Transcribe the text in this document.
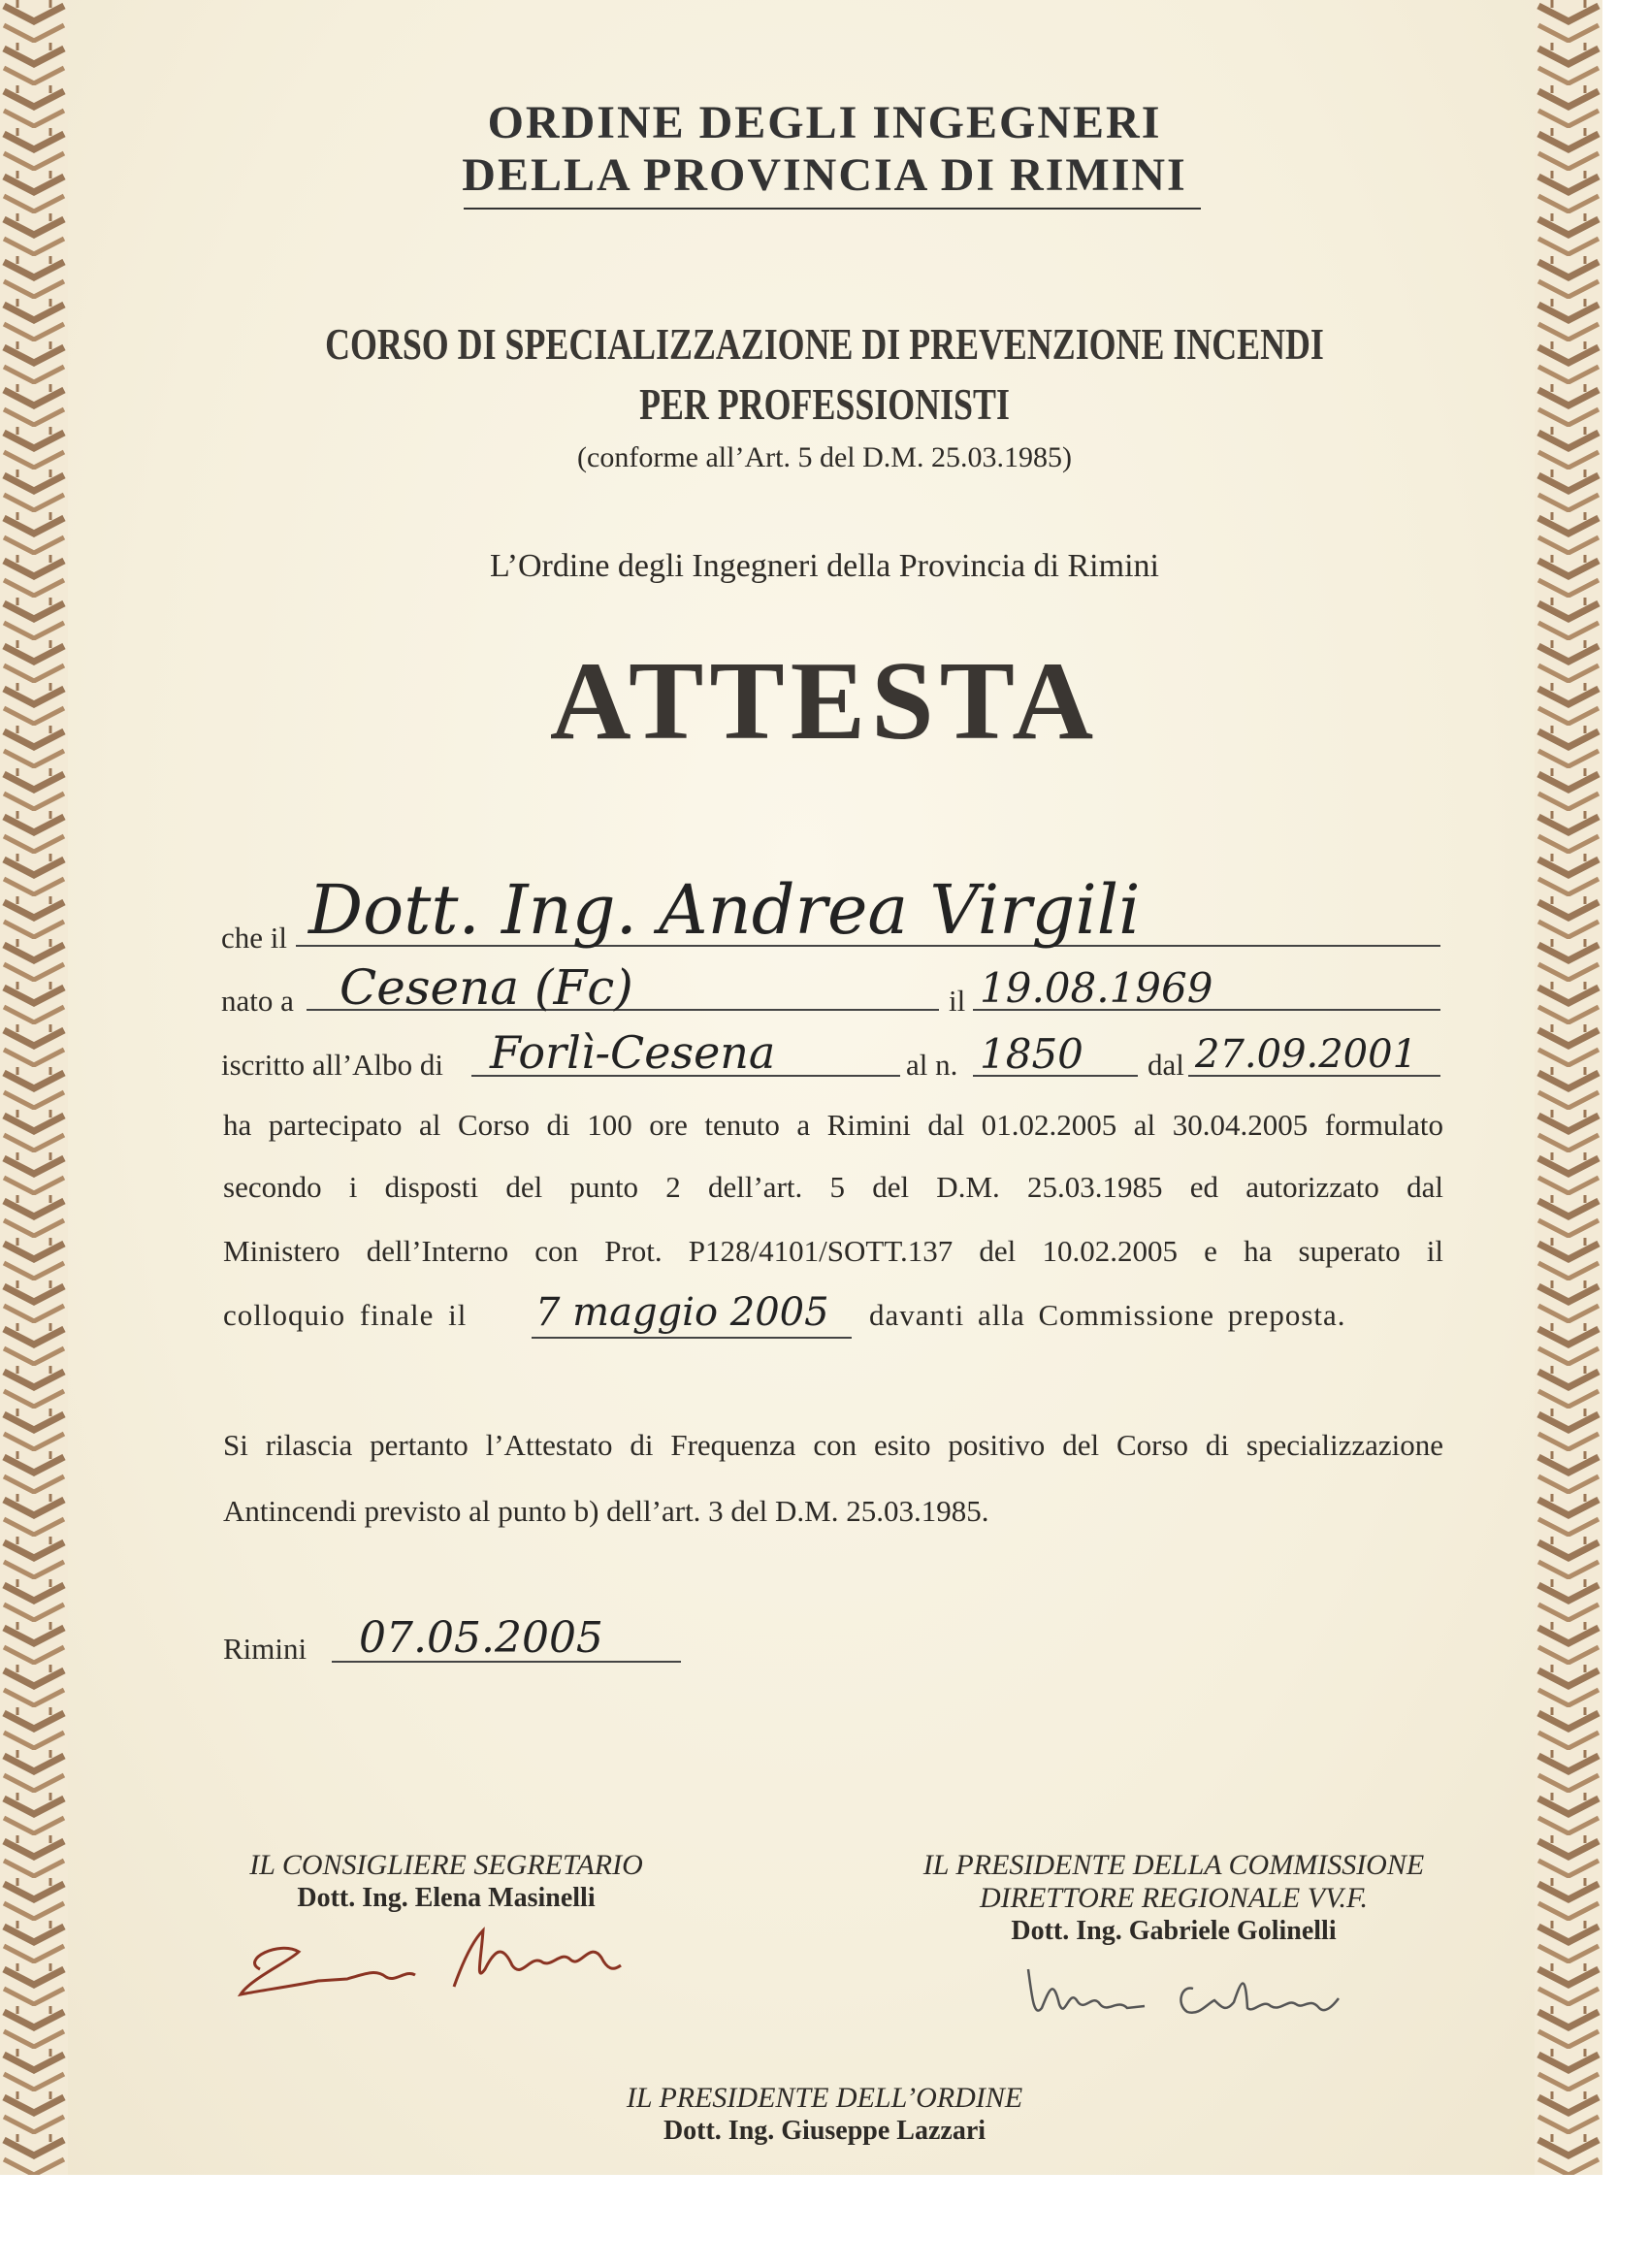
ORDINE DEGLI INGEGNERI
DELLA PROVINCIA DI RIMINI
CORSO DI SPECIALIZZAZIONE DI PREVENZIONE INCENDI
PER PROFESSIONISTI
(conforme all’Art. 5 del D.M. 25.03.1985)
L’Ordine degli Ingegneri della Provincia di Rimini
ATTESTA
che il Dott. Ing. Andrea Virgili
nato a Cesena (Fc)	il 19.08.1969
iscritto all’Albo di Forlì-Cesena	al n. 1850 dal 27.09.2001
ha partecipato al Corso di 100 ore tenuto a Rimini dal 01.02.2005 al 30.04.2005 formulato
secondo i disposti del punto 2 dell’art. 5 del D.M. 25.03.1985 ed autorizzato dal
Ministero dell’Interno con Prot. P128/4101/SOTT.137 del 10.02.2005 e ha superato il
colloquio finale il 7 maggio 2005 davanti alla Commissione preposta.
Si rilascia pertanto l’Attestato di Frequenza con esito positivo del Corso di specializzazione
Antincendi previsto al punto b) dell’art. 3 del D.M. 25.03.1985.
Rimini 07.05.2005
IL CONSIGLIERE SEGRETARIO
Dott. Ing. Elena Masinelli
IL PRESIDENTE DELLA COMMISSIONE
DIRETTORE REGIONALE VV.F.
Dott. Ing. Gabriele Golinelli
IL PRESIDENTE DELL’ORDINE
Dott. Ing. Giuseppe Lazzari
